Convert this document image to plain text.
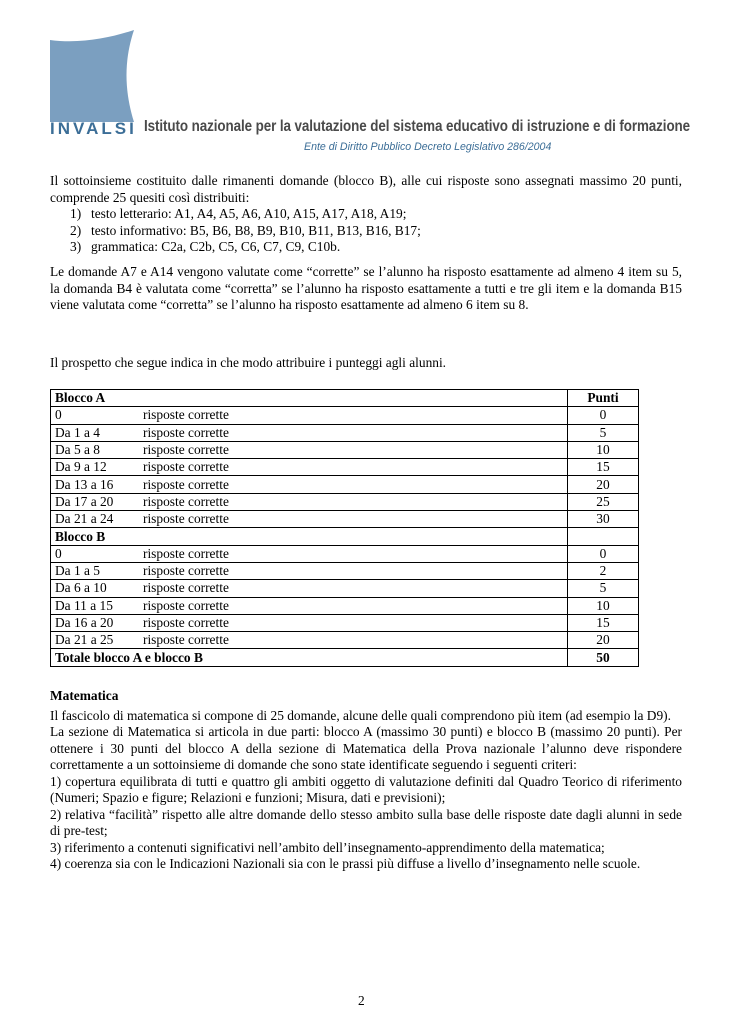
INVALSI Istituto nazionale per la valutazione del sistema educativo di istruzione e di formazione
Ente di Diritto Pubblico Decreto Legislativo 286/2004

Il sottoinsieme costituito dalle rimanenti domande (blocco B), alle cui risposte sono assegnati massimo 20 punti, comprende 25 quesiti così distribuiti:

1) testo letterario: A1, A4, A5, A6, A10, A15, A17, A18, A19;
2) testo informativo: B5, B6, B8, B9, B10, B11, B13, B16, B17;
3) grammatica: C2a, C2b, C5, C6, C7, C9, C10b.

Le domande A7 e A14 vengono valutate come “corrette” se l’alunno ha risposto esattamente ad almeno 4 item su 5, la domanda B4 è valutata come “corretta” se l’alunno ha risposto esattamente a tutti e tre gli item e la domanda B15 viene valutata come “corretta” se l’alunno ha risposto esattamente ad almeno 6 item su 8.

Il prospetto che segue indica in che modo attribuire i punteggi agli alunni.

Blocco A	Punti
0 risposte corrette	0
Da 1 a 4 risposte corrette	5
Da 5 a 8 risposte corrette	10
Da 9 a 12 risposte corrette	15
Da 13 a 16 risposte corrette	20
Da 17 a 20 risposte corrette	25
Da 21 a 24 risposte corrette	30
Blocco B	
0 risposte corrette	0
Da 1 a 5 risposte corrette	2
Da 6 a 10 risposte corrette	5
Da 11 a 15 risposte corrette	10
Da 16 a 20 risposte corrette	15
Da 21 a 25 risposte corrette	20
Totale blocco A e blocco B	50

Matematica

Il fascicolo di matematica si compone di 25 domande, alcune delle quali comprendono più item (ad esempio la D9).

La sezione di Matematica si articola in due parti: blocco A (massimo 30 punti) e blocco B (massimo 20 punti). Per ottenere i 30 punti del blocco A della sezione di Matematica della Prova nazionale l’alunno deve rispondere correttamente a un sottoinsieme di domande che sono state identificate seguendo i seguenti criteri:

1) copertura equilibrata di tutti e quattro gli ambiti oggetto di valutazione definiti dal Quadro Teorico di riferimento (Numeri; Spazio e figure; Relazioni e funzioni; Misura, dati e previsioni);

2) relativa “facilità” rispetto alle altre domande dello stesso ambito sulla base delle risposte date dagli alunni in sede di pre-test;

3) riferimento a contenuti significativi nell’ambito dell’insegnamento-apprendimento della matematica;

4) coerenza sia con le Indicazioni Nazionali sia con le prassi più diffuse a livello d’insegnamento nelle scuole.

2
